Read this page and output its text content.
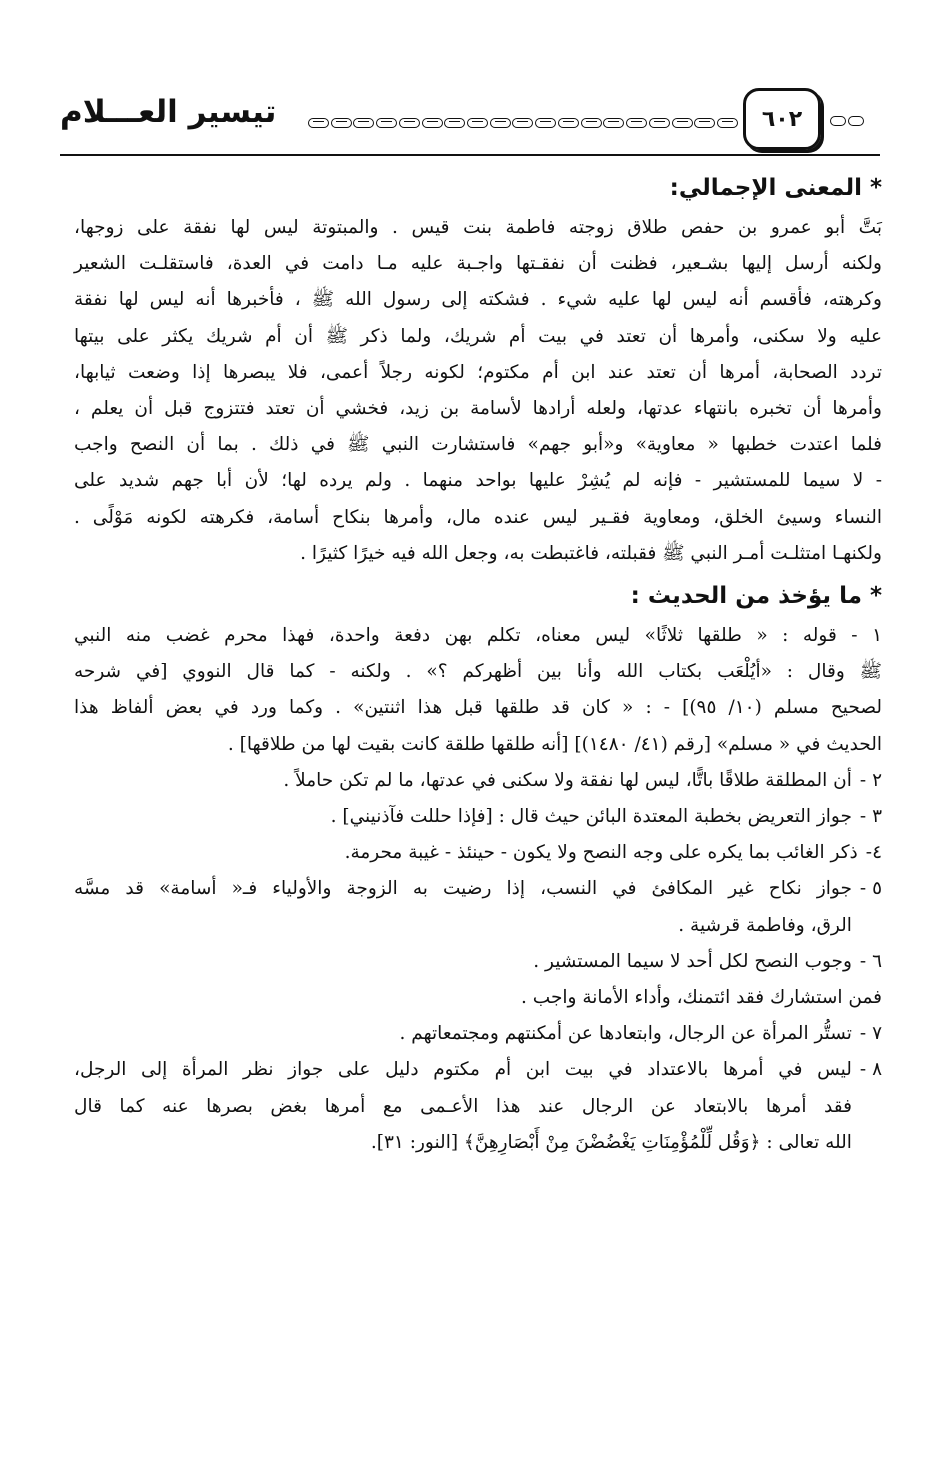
تيسير العـــلام	٦٠٢
* المعنى الإجمالي:
بَتَّ أبو عمرو بن حفص طلاق زوجته فاطمة بنت قيس . والمبتوتة ليس لها نفقة على زوجها،
ولكنه أرسل إليها بشـعير، فظنت أن نفقـتها واجـبة عليه مـا دامت في العدة، فاستقلـت الشعير
وكرهته، فأقسم أنه ليس لها عليه شيء . فشكته إلى رسول الله ﷺ ، فأخبرها أنه ليس لها نفقة
عليه ولا سكنى، وأمرها أن تعتد في بيت أم شريك، ولما ذكر ﷺ أن أم شريك يكثر على بيتها
تردد الصحابة، أمرها أن تعتد عند ابن أم مكتوم؛ لكونه رجلاً أعمى، فلا يبصرها إذا وضعت ثيابها،
وأمرها أن تخبره بانتهاء عدتها، ولعله أرادها لأسامة بن زيد، فخشي أن تعتد فتتزوج قبل أن يعلم ،
فلما اعتدت خطبها « معاوية» و«أبو جهم» فاستشارت النبي ﷺ في ذلك . بما أن النصح واجب
- لا سيما للمستشير - فإنه لم يُشِرْ عليها بواحد منهما . ولم يرده لها؛ لأن أبا جهم شديد على
النساء وسيئ الخلق، ومعاوية فقـير ليس عنده مال، وأمرها بنكاح أسامة، فكرهته لكونه مَوْلًى .
ولكنهـا امتثلـت أمـر النبي ﷺ فقبلته، فاغتبطت به، وجعل الله فيه خيرًا كثيرًا .
* ما يؤخذ من الحديث :
١ - قوله : « طلقها ثلاثًا» ليس معناه، تكلم بهن دفعة واحدة، فهذا محرم غضب منه النبي
ﷺ وقال : «أيُلْعَب بكتاب الله وأنا بين أظهركم ؟» . ولكنه - كما قال النووي [في شرحه
لصحيح مسلم (١٠/ ٩٥)] - : « كان قد طلقها قبل هذا اثنتين» . وكما ورد في بعض ألفاظ هذا
الحديث في « مسلم» [رقم (٤١/ ١٤٨٠)] [أنه طلقها طلقة كانت بقيت لها من طلاقها] .
٢ -
أن المطلقة طلاقًا باتًّا، ليس لها نفقة ولا سكنى في عدتها، ما لم تكن حاملاً .
٣ -
جواز التعريض بخطبة المعتدة البائن حيث قال : [فإذا حللت فآذنيني] .
٤-
ذكر الغائب بما يكره على وجه النصح ولا يكون - حينئذ - غيبة محرمة.
٥ -
جواز نكاح غير المكافئ في النسب، إذا رضيت به الزوجة والأولياء فـ« أسامة» قد مسَّه
الرق، وفاطمة قرشية .
٦ -
وجوب النصح لكل أحد لا سيما المستشير .
فمن استشارك فقد ائتمنك، وأداء الأمانة واجب .
٧ -
تستُّر المرأة عن الرجال، وابتعادها عن أمكنتهم ومجتمعاتهم .
٨ -
ليس في أمرها بالاعتداد في بيت ابن أم مكتوم دليل على جواز نظر المرأة إلى الرجل،
فقد أمرها بالابتعاد عن الرجال عند هذا الأعـمى مع أمرها بغض بصرها عنه كما قال
الله تعالى : ﴿وَقُل لِّلْمُؤْمِنَاتِ يَغْضُضْنَ مِنْ أَبْصَارِهِنَّ﴾ [النور: ٣١].
